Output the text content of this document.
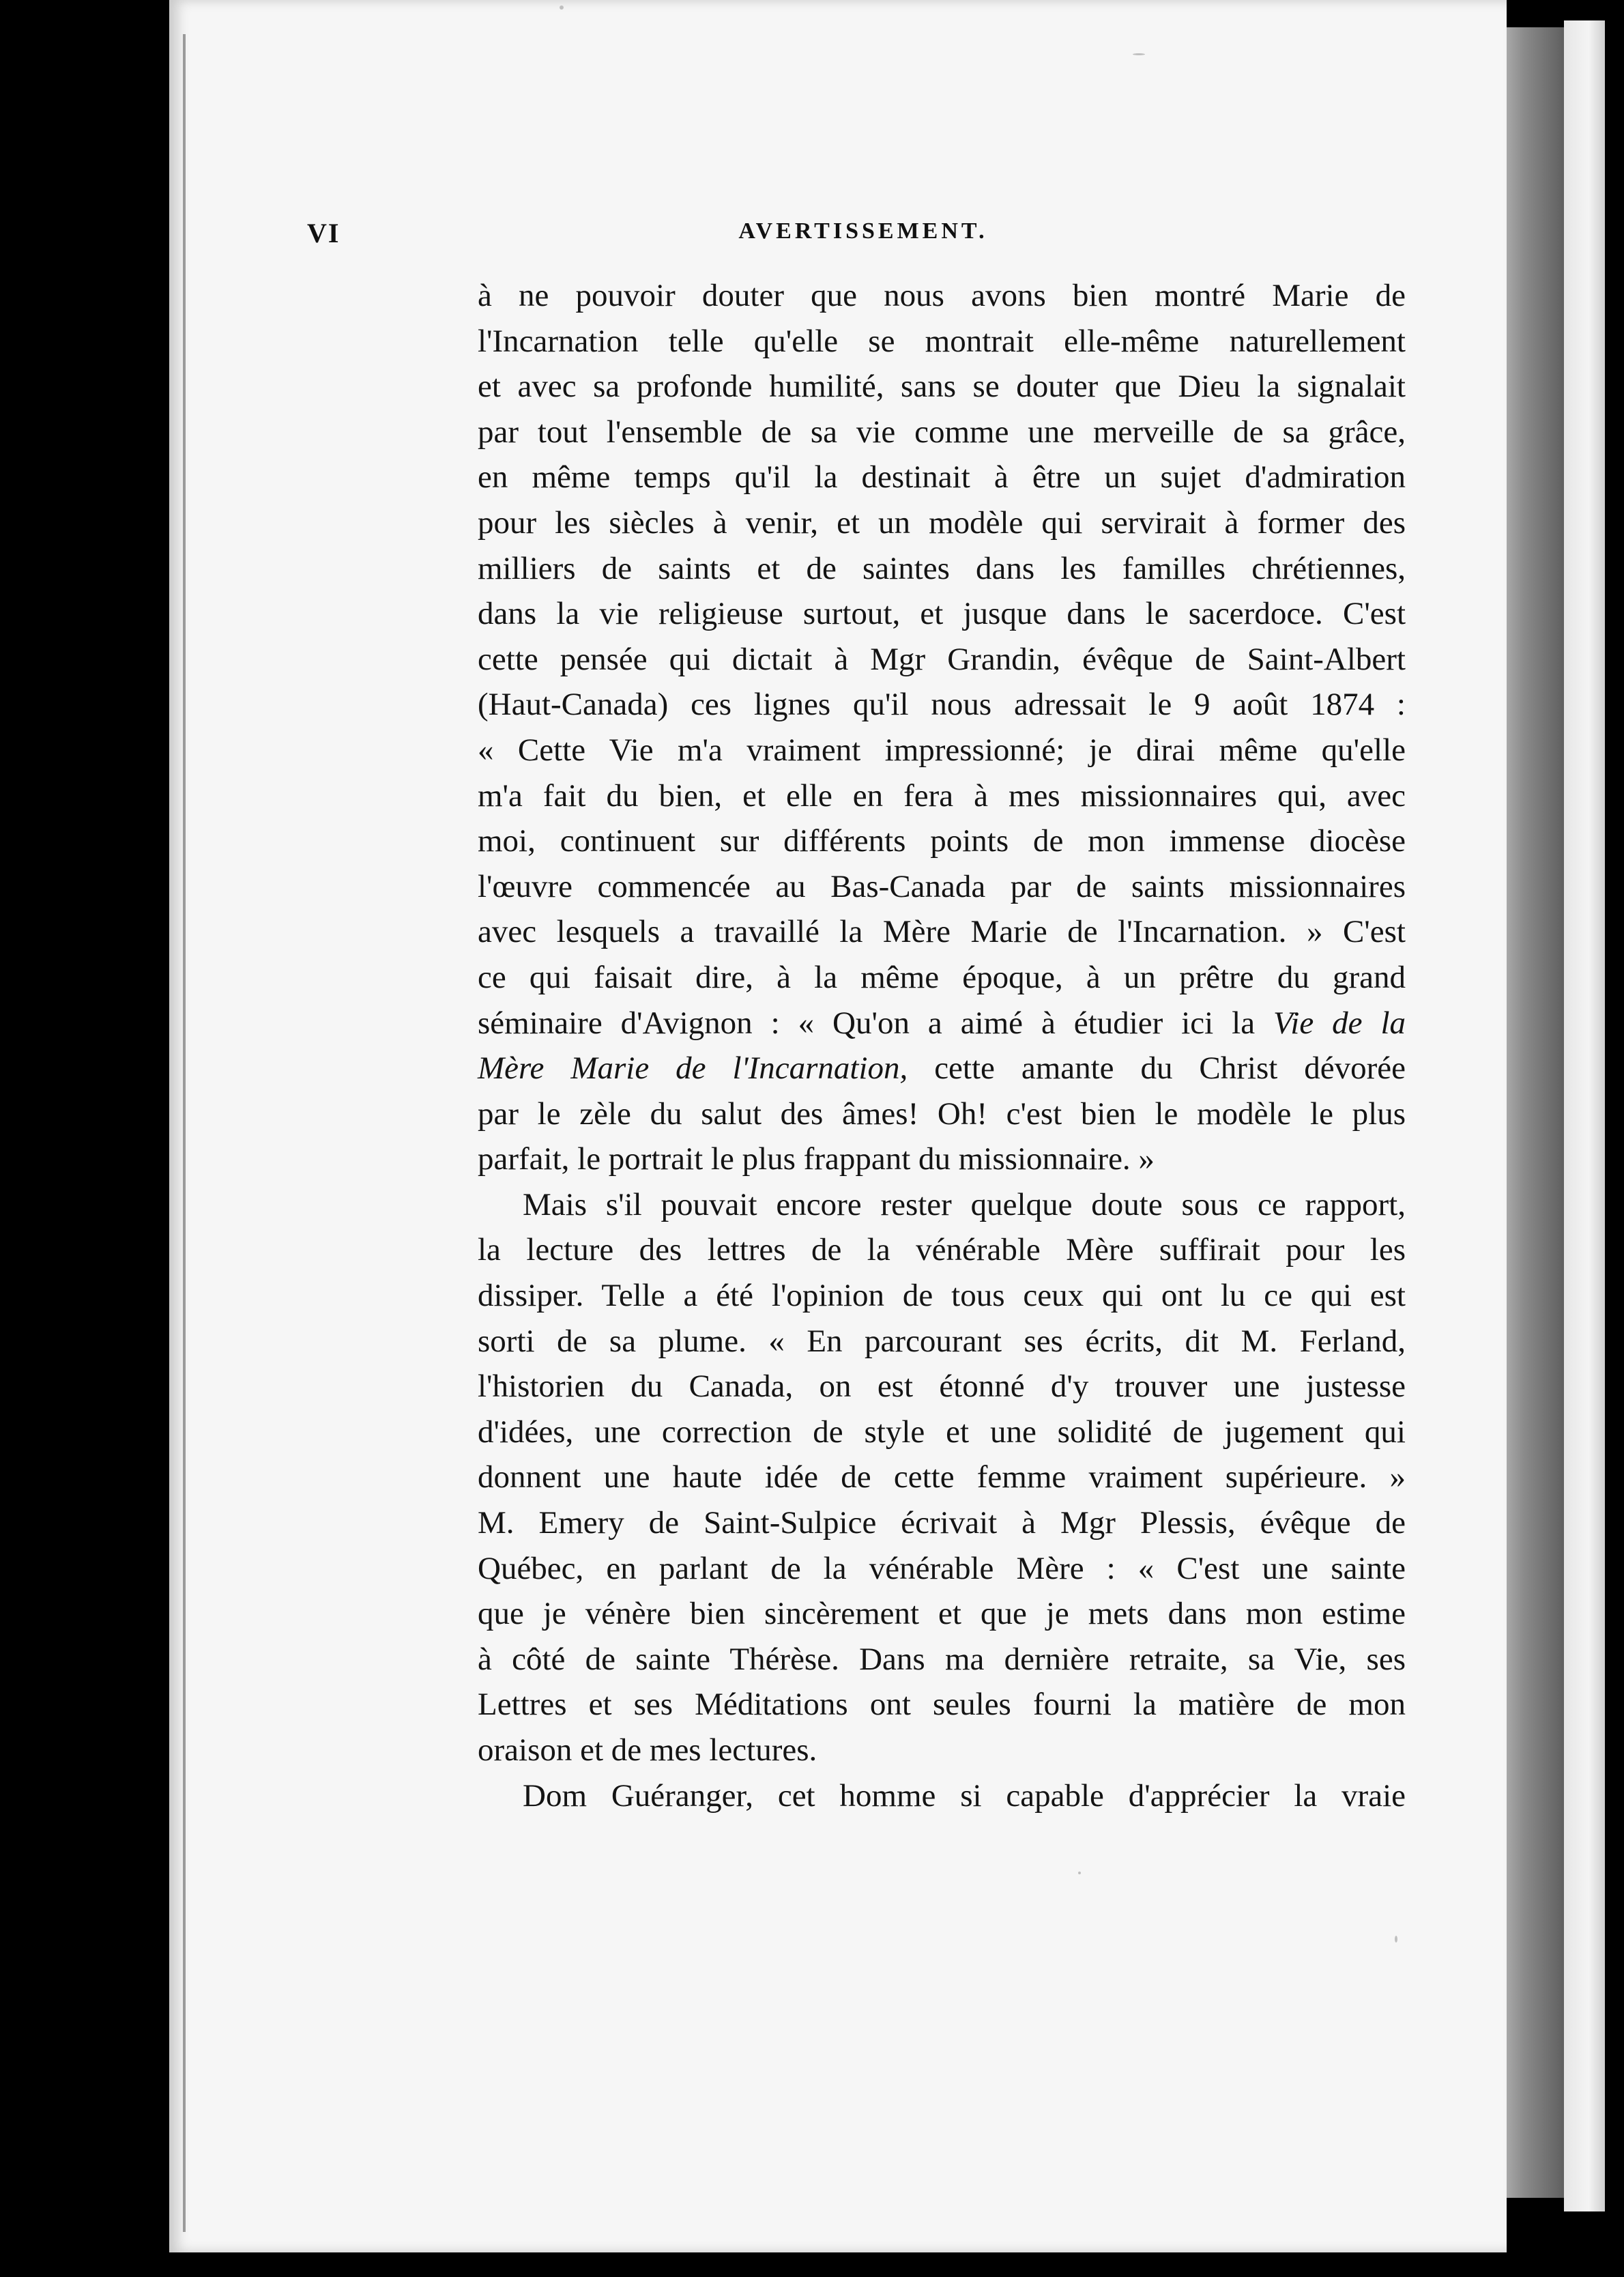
VI	AVERTISSEMENT.
à ne pouvoir douter que nous avons bien montré Marie de
l'Incarnation telle qu'elle se montrait elle-même naturellement
et avec sa profonde humilité, sans se douter que Dieu la signalait
par tout l'ensemble de sa vie comme une merveille de sa grâce,
en même temps qu'il la destinait à être un sujet d'admiration
pour les siècles à venir, et un modèle qui servirait à former des
milliers de saints et de saintes dans les familles chrétiennes,
dans la vie religieuse surtout, et jusque dans le sacerdoce. C'est
cette pensée qui dictait à Mgr Grandin, évêque de Saint-Albert
(Haut-Canada) ces lignes qu'il nous adressait le 9 août 1874 :
« Cette Vie m'a vraiment impressionné; je dirai même qu'elle
m'a fait du bien, et elle en fera à mes missionnaires qui, avec
moi, continuent sur différents points de mon immense diocèse
l'œuvre commencée au Bas-Canada par de saints missionnaires
avec lesquels a travaillé la Mère Marie de l'Incarnation. » C'est
ce qui faisait dire, à la même époque, à un prêtre du grand
séminaire d'Avignon : « Qu'on a aimé à étudier ici la Vie de la
Mère Marie de l'Incarnation, cette amante du Christ dévorée
par le zèle du salut des âmes! Oh! c'est bien le modèle le plus
parfait, le portrait le plus frappant du missionnaire. »
Mais s'il pouvait encore rester quelque doute sous ce rapport,
la lecture des lettres de la vénérable Mère suffirait pour les
dissiper. Telle a été l'opinion de tous ceux qui ont lu ce qui est
sorti de sa plume. « En parcourant ses écrits, dit M. Ferland,
l'historien du Canada, on est étonné d'y trouver une justesse
d'idées, une correction de style et une solidité de jugement qui
donnent une haute idée de cette femme vraiment supérieure. »
M. Emery de Saint-Sulpice écrivait à Mgr Plessis, évêque de
Québec, en parlant de la vénérable Mère : « C'est une sainte
que je vénère bien sincèrement et que je mets dans mon estime
à côté de sainte Thérèse. Dans ma dernière retraite, sa Vie, ses
Lettres et ses Méditations ont seules fourni la matière de mon
oraison et de mes lectures.
Dom Guéranger, cet homme si capable d'apprécier la vraie
